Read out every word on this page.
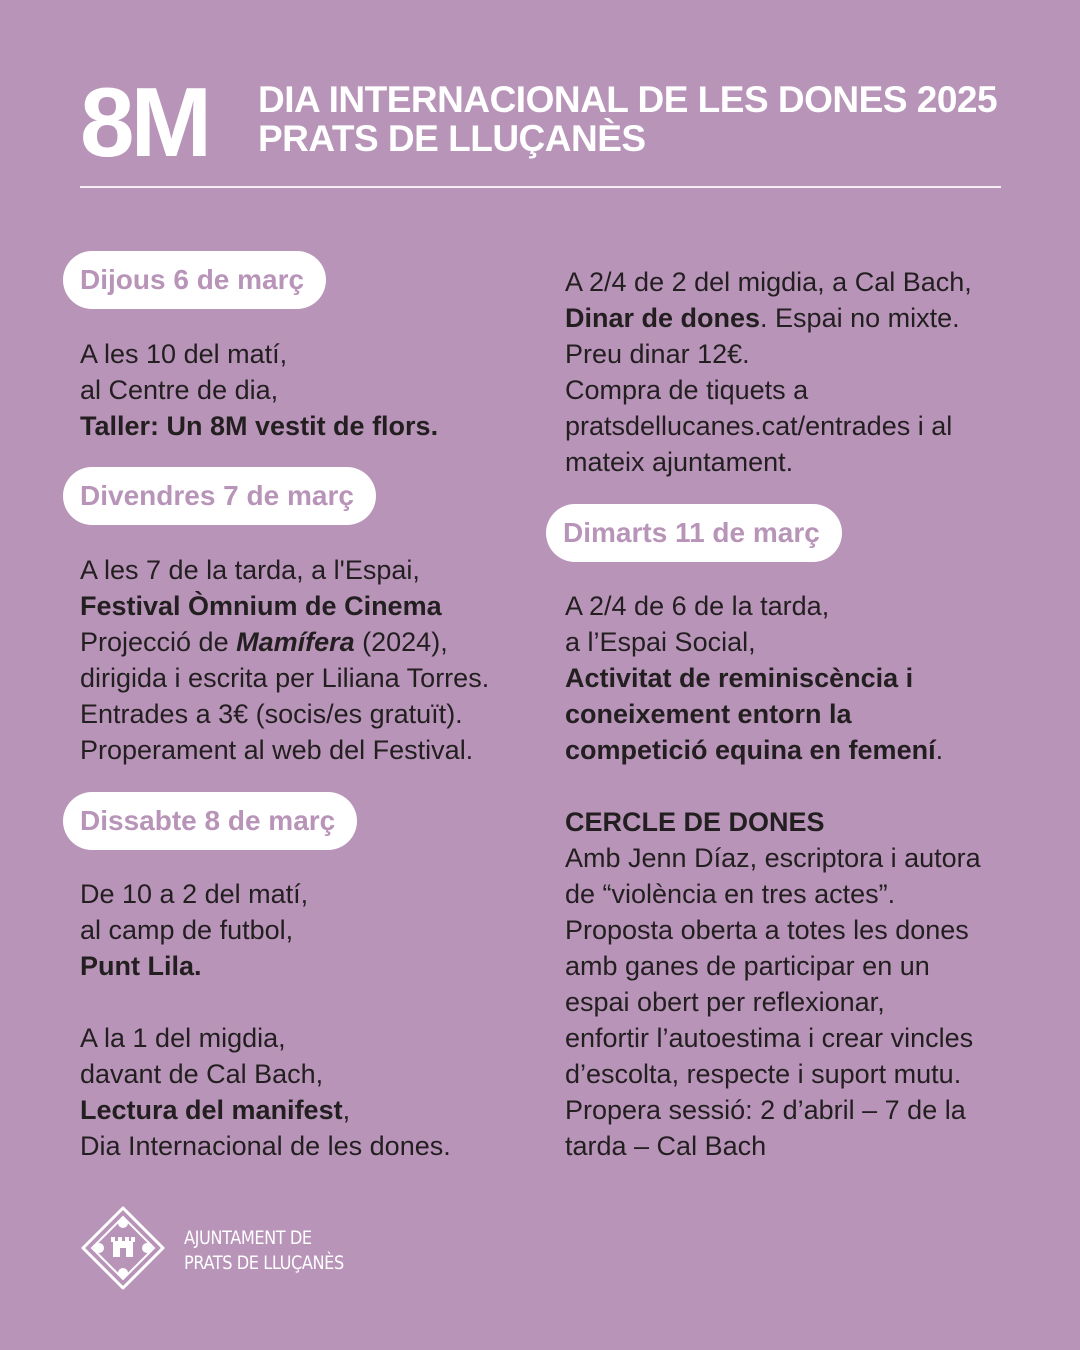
8M DIA INTERNACIONAL DE LES DONES 2025
PRATS DE LLUÇANÈS
Dijous 6 de març
A les 10 del matí,
al Centre de dia,
Taller: Un 8M vestit de flors.
Divendres 7 de març
A les 7 de la tarda, a l'Espai,
Festival Òmnium de Cinema
Projecció de Mamífera (2024),
dirigida i escrita per Liliana Torres.
Entrades a 3€ (socis/es gratuït).
Properament al web del Festival.
Dissabte 8 de març
De 10 a 2 del matí,
al camp de futbol,
Punt Lila.
A la 1 del migdia,
davant de Cal Bach,
Lectura del manifest,
Dia Internacional de les dones.
A 2/4 de 2 del migdia, a Cal Bach,
Dinar de dones. Espai no mixte.
Preu dinar 12€.
Compra de tiquets a
pratsdellucanes.cat/entrades i al
mateix ajuntament.
Dimarts 11 de març
A 2/4 de 6 de la tarda,
a l’Espai Social,
Activitat de reminiscència i
coneixement entorn la
competició equina en femení.
CERCLE DE DONES
Amb Jenn Díaz, escriptora i autora
de “violència en tres actes”.
Proposta oberta a totes les dones
amb ganes de participar en un
espai obert per reflexionar,
enfortir l’autoestima i crear vincles
d’escolta, respecte i suport mutu.
Propera sessió: 2 d’abril – 7 de la
tarda – Cal Bach
AJUNTAMENT DE
PRATS DE LLUÇANÈS
